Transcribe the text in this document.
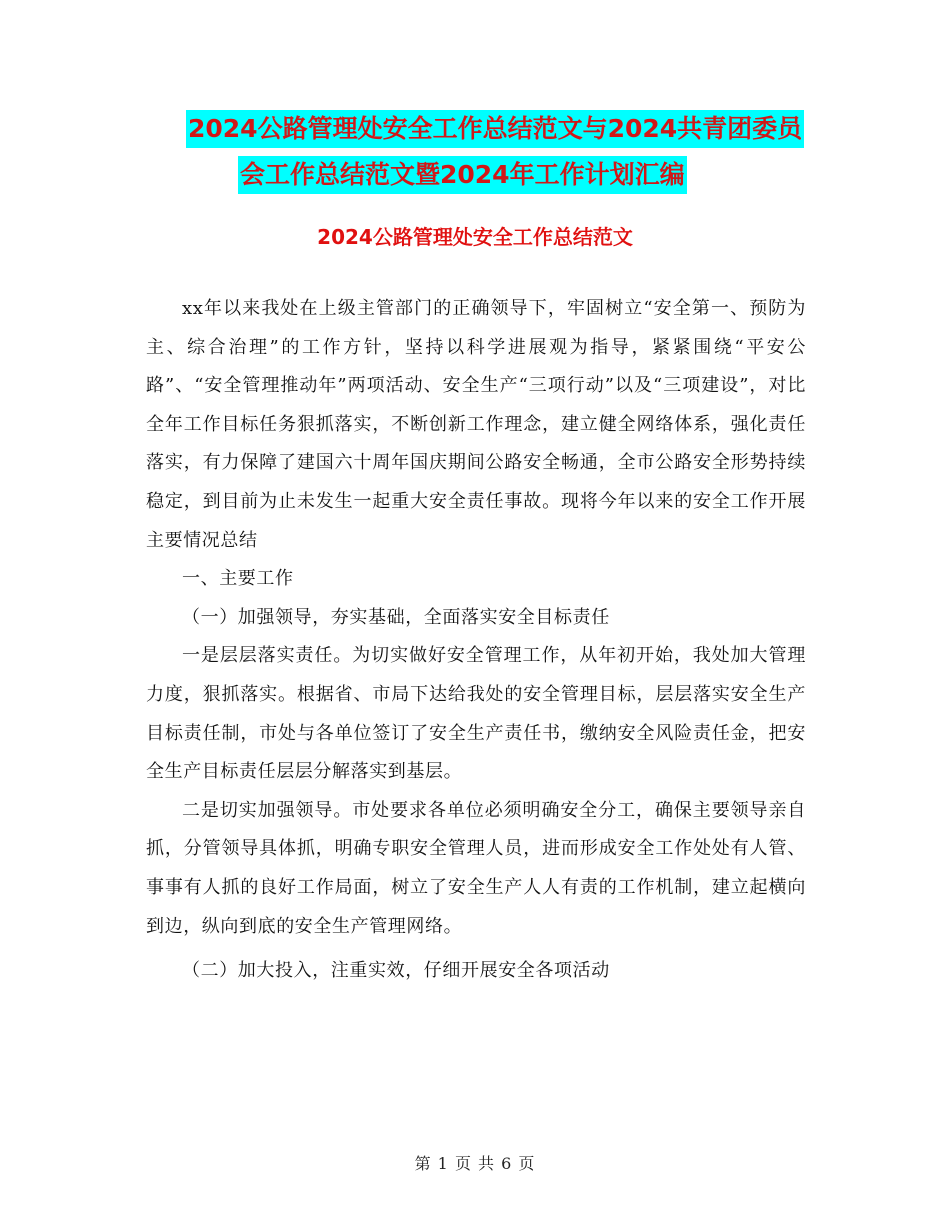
2024公路管理处安全工作总结范文与2024共青团委员
会工作总结范文暨2024年工作计划汇编
2024公路管理处安全工作总结范文

xx年以来我处在上级主管部门的正确领导下，牢固树立“安全第一、预防为主、综合治理”的工作方针，坚持以科学进展观为指导，紧紧围绕“平安公路”、“安全管理推动年”两项活动、安全生产“三项行动”以及“三项建设”，对比全年工作目标任务狠抓落实，不断创新工作理念，建立健全网络体系，强化责任落实，有力保障了建国六十周年国庆期间公路安全畅通，全市公路安全形势持续稳定，到目前为止未发生一起重大安全责任事故。现将今年以来的安全工作开展主要情况总结

一、主要工作

（一）加强领导，夯实基础，全面落实安全目标责任

一是层层落实责任。为切实做好安全管理工作，从年初开始，我处加大管理力度，狠抓落实。根据省、市局下达给我处的安全管理目标，层层落实安全生产目标责任制，市处与各单位签订了安全生产责任书，缴纳安全风险责任金，把安全生产目标责任层层分解落实到基层。

二是切实加强领导。市处要求各单位必须明确安全分工，确保主要领导亲自抓，分管领导具体抓，明确专职安全管理人员，进而形成安全工作处处有人管、事事有人抓的良好工作局面，树立了安全生产人人有责的工作机制，建立起横向到边，纵向到底的安全生产管理网络。

（二）加大投入，注重实效，仔细开展安全各项活动

第 1 页 共 6 页
